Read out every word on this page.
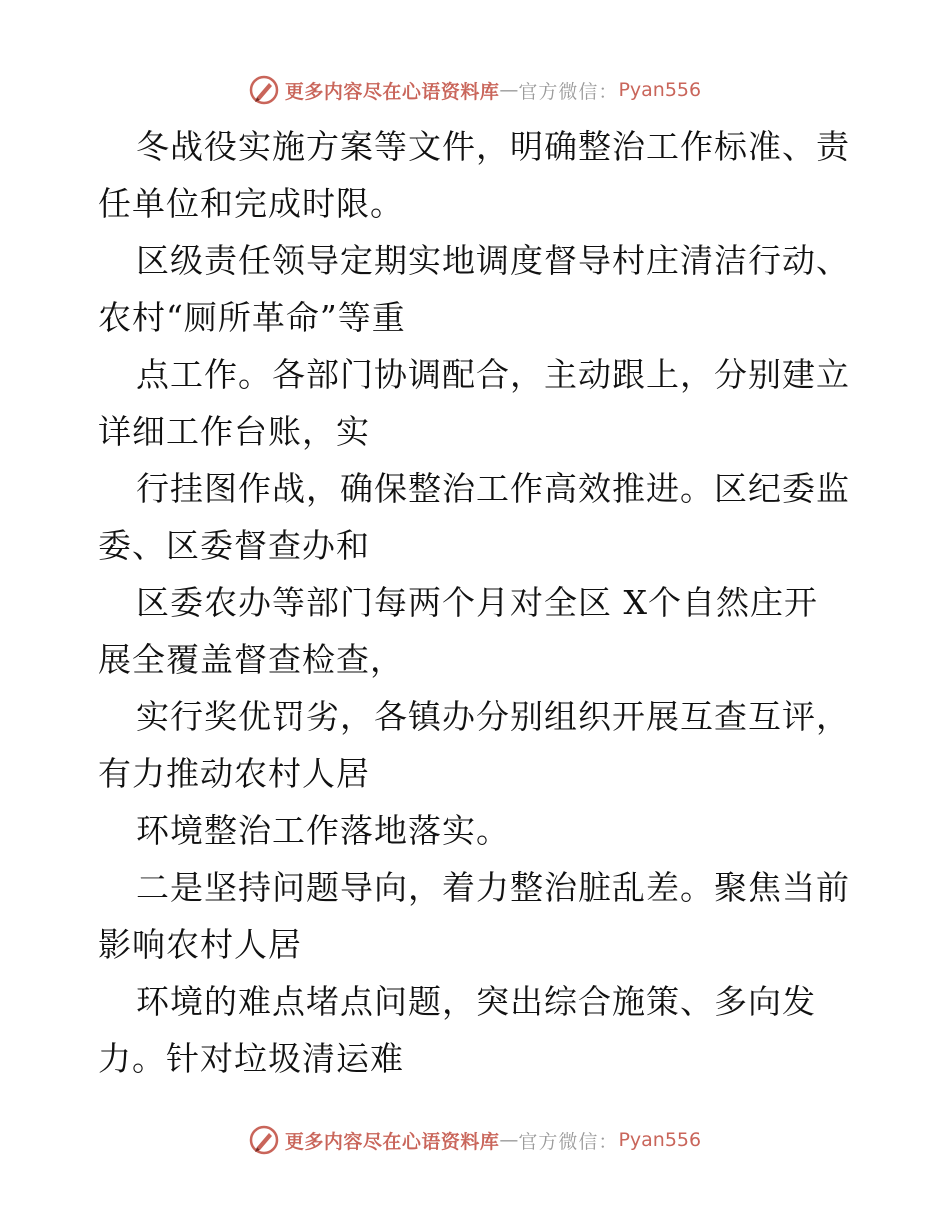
更多内容尽在心语资料库 — 官方微信： Pyan556
冬战役实施方案等文件，明确整治工作标准、责
任单位和完成时限。
区级责任领导定期实地调度督导村庄清洁行动、
农村“厕所革命”等重
点工作。各部门协调配合，主动跟上，分别建立
详细工作台账，实
行挂图作战，确保整治工作高效推进。区纪委监
委、区委督查办和
区委农办等部门每两个月对全区 X个自然庄开
展全覆盖督查检查，
实行奖优罚劣，各镇办分别组织开展互查互评，
有力推动农村人居
环境整治工作落地落实。
二是坚持问题导向，着力整治脏乱差。聚焦当前
影响农村人居
环境的难点堵点问题，突出综合施策、多向发
力。针对垃圾清运难
更多内容尽在心语资料库 — 官方微信： Pyan556
